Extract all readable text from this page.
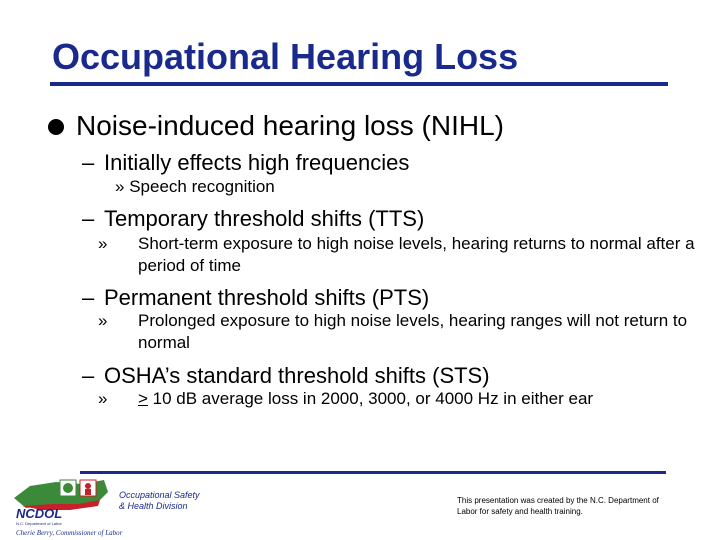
Occupational Hearing Loss
Noise-induced hearing loss (NIHL)
– Initially effects high frequencies
» Speech recognition
– Temporary threshold shifts (TTS)
» Short-term exposure to high noise levels, hearing returns to normal after a period of time
– Permanent threshold shifts (PTS)
» Prolonged exposure to high noise levels, hearing ranges will not return to normal
– OSHA’s standard threshold shifts (STS)
» ≥ 10 dB average loss in 2000, 3000, or 4000 Hz in either ear
NCDOL
N.C. Department of Labor
Occupational Safety
& Health Division
Cherie Berry, Commissioner of Labor
This presentation was created by the N.C. Department of Labor for safety and health training.
